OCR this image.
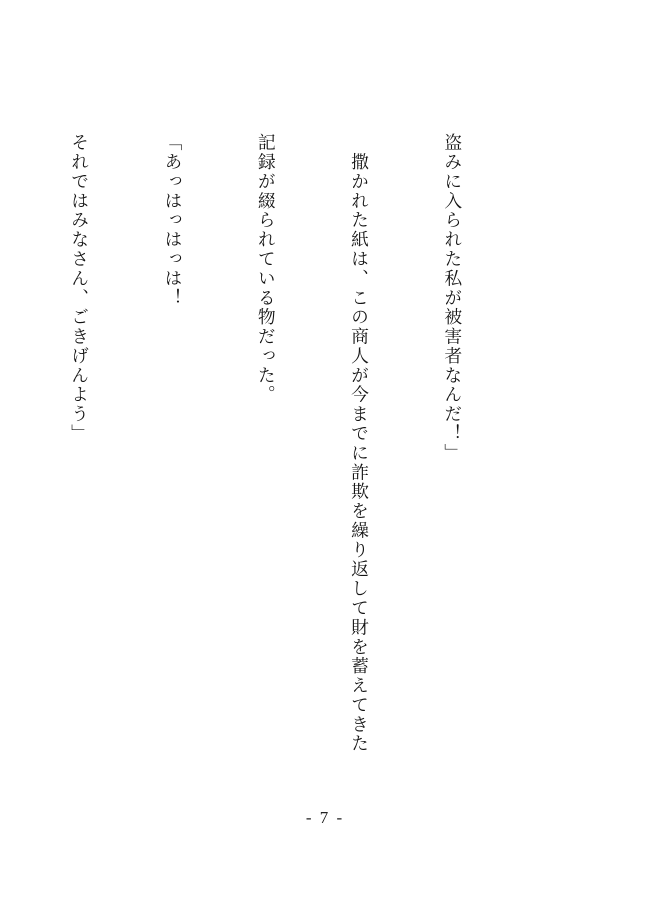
盗みに入られた私が被害者なんだ！」

　撒かれた紙は、この商人が今までに詐欺を繰り返して財を蓄えてきた

記録が綴られている物だった。

「あっはっはっは！

それではみなさん、ごきげんよう」

- 7 -
